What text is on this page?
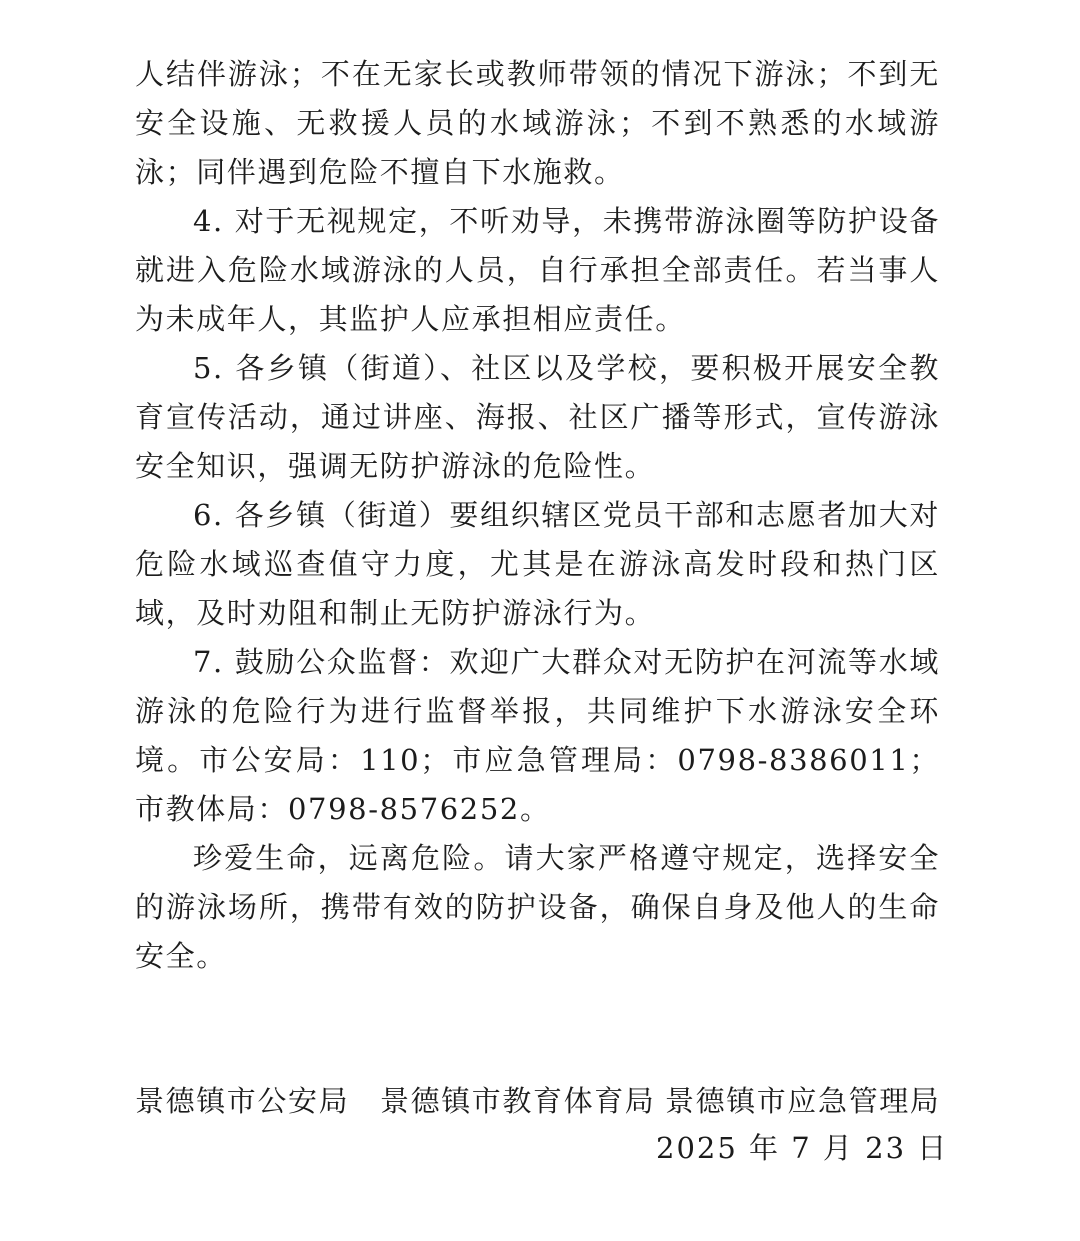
人结伴游泳；不在无家长或教师带领的情况下游泳；不到无安全设施、无救援人员的水域游泳；不到不熟悉的水域游泳；同伴遇到危险不擅自下水施救。

4. 对于无视规定，不听劝导，未携带游泳圈等防护设备就进入危险水域游泳的人员，自行承担全部责任。若当事人为未成年人，其监护人应承担相应责任。

5. 各乡镇（街道）、社区以及学校，要积极开展安全教育宣传活动，通过讲座、海报、社区广播等形式，宣传游泳安全知识，强调无防护游泳的危险性。

6. 各乡镇（街道）要组织辖区党员干部和志愿者加大对危险水域巡查值守力度，尤其是在游泳高发时段和热门区域，及时劝阻和制止无防护游泳行为。

7. 鼓励公众监督：欢迎广大群众对无防护在河流等水域游泳的危险行为进行监督举报，共同维护下水游泳安全环境。市公安局：110；市应急管理局：0798-8386011；市教体局：0798-8576252。

珍爱生命，远离危险。请大家严格遵守规定，选择安全的游泳场所，携带有效的防护设备，确保自身及他人的生命安全。

景德镇市公安局 景德镇市教育体育局 景德镇市应急管理局
2025 年 7 月 23 日
